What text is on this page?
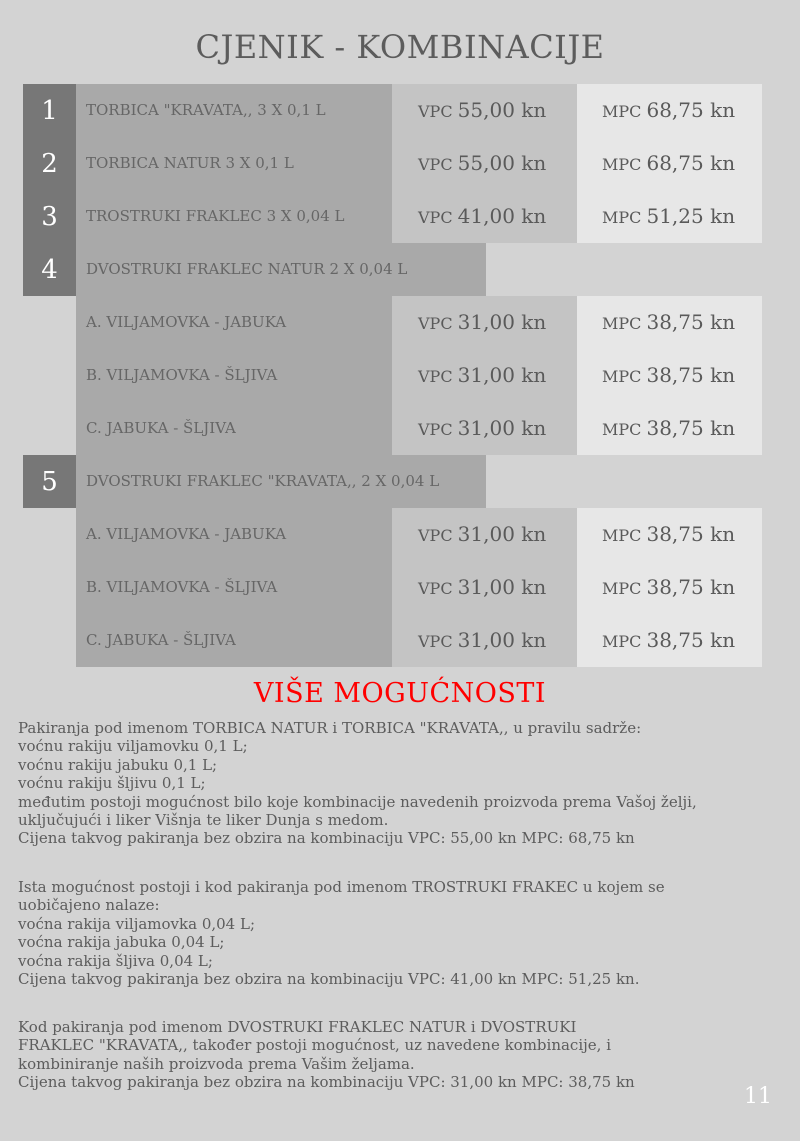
CJENIK - KOMBINACIJE
1	TORBICA "KRAVATA,, 3 X 0,1 L	VPC 55,00 kn	MPC 68,75 kn
2	TORBICA NATUR 3 X 0,1 L	VPC 55,00 kn	MPC 68,75 kn
3	TROSTRUKI FRAKLEC 3 X 0,04 L	VPC 41,00 kn	MPC 51,25 kn
4	DVOSTRUKI FRAKLEC NATUR 2 X 0,04 L
A. VILJAMOVKA - JABUKA	VPC 31,00 kn	MPC 38,75 kn
B. VILJAMOVKA - ŠLJIVA	VPC 31,00 kn	MPC 38,75 kn
C. JABUKA - ŠLJIVA	VPC 31,00 kn	MPC 38,75 kn
5	DVOSTRUKI FRAKLEC "KRAVATA,, 2 X 0,04 L
A. VILJAMOVKA - JABUKA	VPC 31,00 kn	MPC 38,75 kn
B. VILJAMOVKA - ŠLJIVA	VPC 31,00 kn	MPC 38,75 kn
C. JABUKA - ŠLJIVA	VPC 31,00 kn	MPC 38,75 kn
VIŠE MOGUĆNOSTI
Pakiranja pod imenom TORBICA NATUR i TORBICA "KRAVATA,, u pravilu sadrže:
voćnu rakiju viljamovku 0,1 L;
voćnu rakiju jabuku 0,1 L;
voćnu rakiju šljivu 0,1 L;
međutim postoji mogućnost bilo koje kombinacije navedenih proizvoda prema Vašoj želji,
uključujući i liker Višnja te liker Dunja s medom.
Cijena takvog pakiranja bez obzira na kombinaciju VPC: 55,00 kn MPC: 68,75 kn
Ista mogućnost postoji i kod pakiranja pod imenom TROSTRUKI FRAKEC u kojem se
uobičajeno nalaze:
voćna rakija viljamovka 0,04 L;
voćna rakija jabuka 0,04 L;
voćna rakija šljiva 0,04 L;
Cijena takvog pakiranja bez obzira na kombinaciju VPC: 41,00 kn MPC: 51,25 kn.
Kod pakiranja pod imenom DVOSTRUKI FRAKLEC NATUR i DVOSTRUKI
FRAKLEC "KRAVATA,, također postoji mogućnost, uz navedene kombinacije, i
kombiniranje naših proizvoda prema Vašim željama.
Cijena takvog pakiranja bez obzira na kombinaciju VPC: 31,00 kn MPC: 38,75 kn
11
